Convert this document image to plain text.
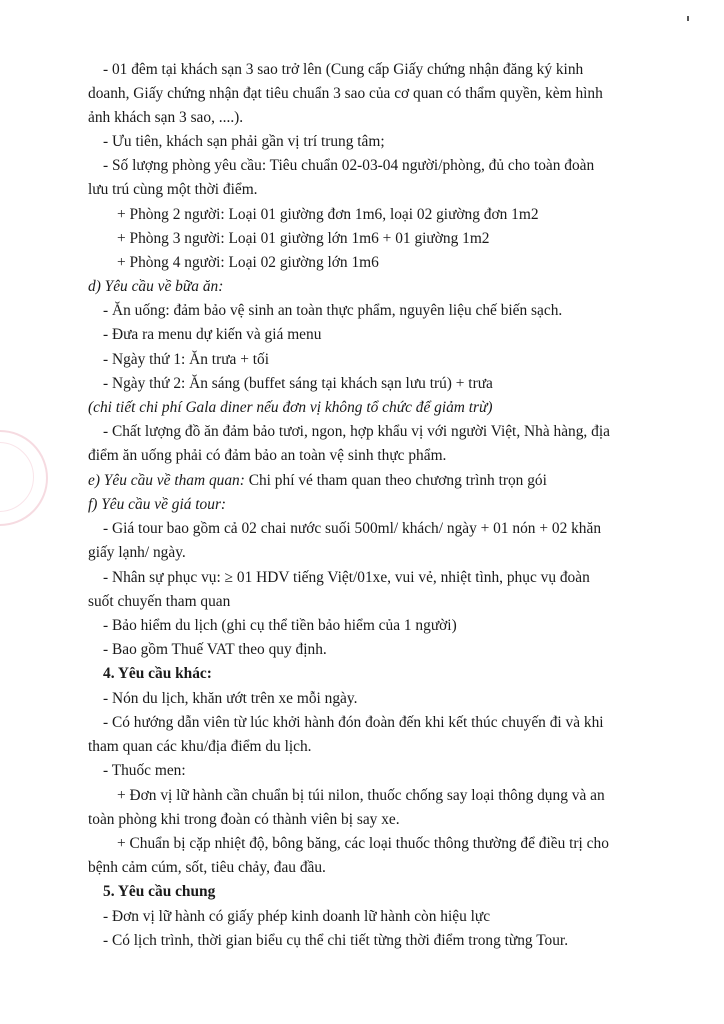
- 01 đêm tại khách sạn 3 sao trở lên (Cung cấp Giấy chứng nhận đăng ký kinh
doanh, Giấy chứng nhận đạt tiêu chuẩn 3 sao của cơ quan có thẩm quyền, kèm hình
ảnh khách sạn 3 sao, ....).
- Ưu tiên, khách sạn phải gần vị trí trung tâm;
- Số lượng phòng yêu cầu: Tiêu chuẩn 02-03-04 người/phòng, đủ cho toàn đoàn
lưu trú cùng một thời điểm.
+ Phòng 2 người: Loại 01 giường đơn 1m6, loại 02 giường đơn 1m2
+ Phòng 3 người: Loại 01 giường lớn 1m6 + 01 giường 1m2
+ Phòng 4 người: Loại 02 giường lớn 1m6
d) Yêu cầu về bữa ăn:
- Ăn uống: đảm bảo vệ sinh an toàn thực phẩm, nguyên liệu chế biến sạch.
- Đưa ra menu dự kiến và giá menu
- Ngày thứ 1: Ăn trưa + tối
- Ngày thứ 2: Ăn sáng (buffet sáng tại khách sạn lưu trú) + trưa
(chi tiết chi phí Gala diner nếu đơn vị không tổ chức để giảm trừ)
- Chất lượng đồ ăn đảm bảo tươi, ngon, hợp khẩu vị với người Việt, Nhà hàng, địa
điểm ăn uống phải có đảm bảo an toàn vệ sinh thực phẩm.
e) Yêu cầu về tham quan: Chi phí vé tham quan theo chương trình trọn gói
f) Yêu cầu về giá tour:
- Giá tour bao gồm cả 02 chai nước suối 500ml/ khách/ ngày + 01 nón + 02 khăn
giấy lạnh/ ngày.
- Nhân sự phục vụ: ≥ 01 HDV tiếng Việt/01xe, vui vẻ, nhiệt tình, phục vụ đoàn
suốt chuyến tham quan
- Bảo hiểm du lịch (ghi cụ thể tiền bảo hiểm của 1 người)
- Bao gồm Thuế VAT theo quy định.
4. Yêu cầu khác:
- Nón du lịch, khăn ướt trên xe mỗi ngày.
- Có hướng dẫn viên từ lúc khởi hành đón đoàn đến khi kết thúc chuyến đi và khi
tham quan các khu/địa điểm du lịch.
- Thuốc men:
+ Đơn vị lữ hành cần chuẩn bị túi nilon, thuốc chống say loại thông dụng và an
toàn phòng khi trong đoàn có thành viên bị say xe.
+ Chuẩn bị cặp nhiệt độ, bông băng, các loại thuốc thông thường để điều trị cho
bệnh cảm cúm, sốt, tiêu chảy, đau đầu.
5. Yêu cầu chung
- Đơn vị lữ hành có giấy phép kinh doanh lữ hành còn hiệu lực
- Có lịch trình, thời gian biểu cụ thể chi tiết từng thời điểm trong từng Tour.
